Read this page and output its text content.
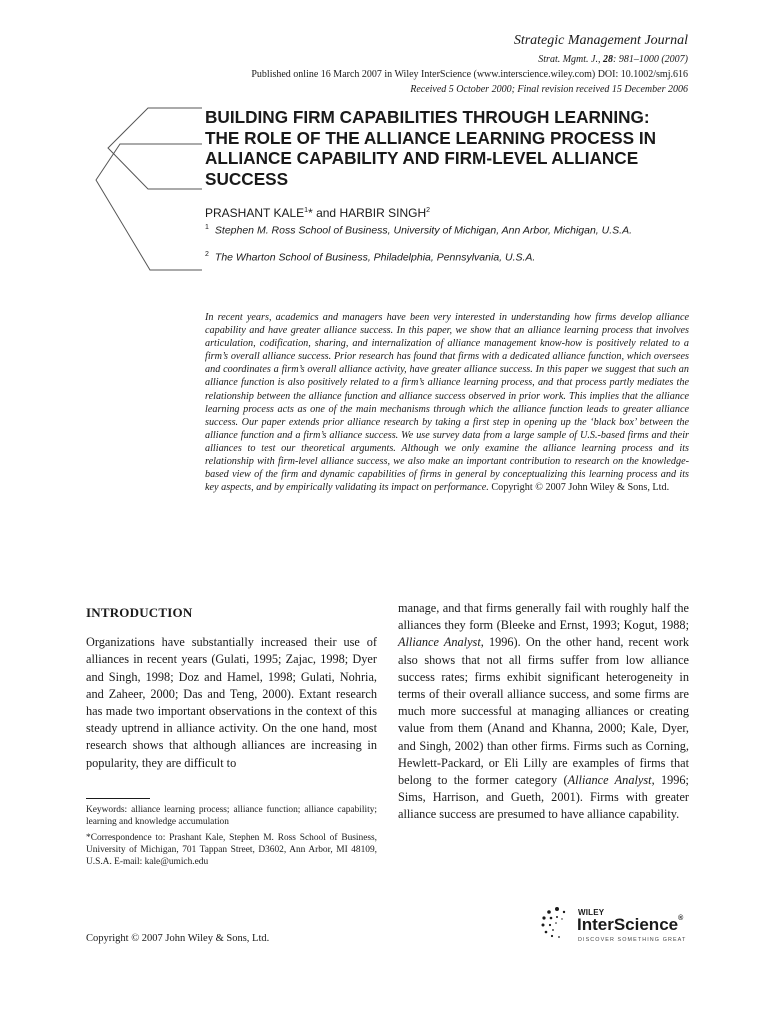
Strategic Management Journal
Strat. Mgmt. J., 28: 981–1000 (2007)
Published online 16 March 2007 in Wiley InterScience (www.interscience.wiley.com) DOI: 10.1002/smj.616
Received 5 October 2000; Final revision received 15 December 2006
BUILDING FIRM CAPABILITIES THROUGH LEARNING:
THE ROLE OF THE ALLIANCE LEARNING PROCESS IN
ALLIANCE CAPABILITY AND FIRM-LEVEL ALLIANCE
SUCCESS
PRASHANT KALE$^1$* and HARBIR SINGH$^2$
$^1$ Stephen M. Ross School of Business, University of Michigan, Ann Arbor, Michigan, U.S.A.
$^2$ The Wharton School of Business, Philadelphia, Pennsylvania, U.S.A.
In recent years, academics and managers have been very interested in understanding how firms develop alliance capability and have greater alliance success. In this paper, we show that an alliance learning process that involves articulation, codification, sharing, and internalization of alliance management know-how is positively related to a firm’s overall alliance success. Prior research has found that firms with a dedicated alliance function, which oversees and coordinates a firm’s overall alliance activity, have greater alliance success. In this paper we suggest that such an alliance function is also positively related to a firm’s alliance learning process, and that process partly mediates the relationship between the alliance function and alliance success observed in prior work. This implies that the alliance learning process acts as one of the main mechanisms through which the alliance function leads to greater alliance success. Our paper extends prior alliance research by taking a first step in opening up the ‘black box’ between the alliance function and a firm’s alliance success. We use survey data from a large sample of U.S.-based firms and their alliances to test our theoretical arguments. Although we only examine the alliance learning process and its relationship with firm-level alliance success, we also make an important contribution to research on the knowledge-based view of the firm and dynamic capabilities of firms in general by conceptualizing this learning process and its key aspects, and by empirically validating its impact on performance. Copyright © 2007 John Wiley & Sons, Ltd.

INTRODUCTION

Organizations have substantially increased their use of alliances in recent years (Gulati, 1995; Zajac, 1998; Dyer and Singh, 1998; Doz and Hamel, 1998; Gulati, Nohria, and Zaheer, 2000; Das and Teng, 2000). Extant research has made two important observations in the context of this steady uptrend in alliance activity. On the one hand, most research shows that although alliances are increasing in popularity, they are difficult to

manage, and that firms generally fail with roughly half the alliances they form (Bleeke and Ernst, 1993; Kogut, 1988; Alliance Analyst, 1996). On the other hand, recent work also shows that not all firms suffer from low alliance success rates; firms exhibit significant heterogeneity in terms of their overall alliance success, and some firms are much more successful at managing alliances or creating value from them (Anand and Khanna, 2000; Kale, Dyer, and Singh, 2002) than other firms. Firms such as Corning, Hewlett-Packard, or Eli Lilly are examples of firms that belong to the former category (Alliance Analyst, 1996; Sims, Harrison, and Gueth, 2001). Firms with greater alliance success are presumed to have alliance capability.

Keywords: alliance learning process; alliance function; alliance capability; learning and knowledge accumulation

*Correspondence to: Prashant Kale, Stephen M. Ross School of Business, University of Michigan, 701 Tappan Street, D3602, Ann Arbor, MI 48109, U.S.A. E-mail: kale@umich.edu

Copyright © 2007 John Wiley & Sons, Ltd.
WILEY
InterScience®
DISCOVER SOMETHING GREAT
